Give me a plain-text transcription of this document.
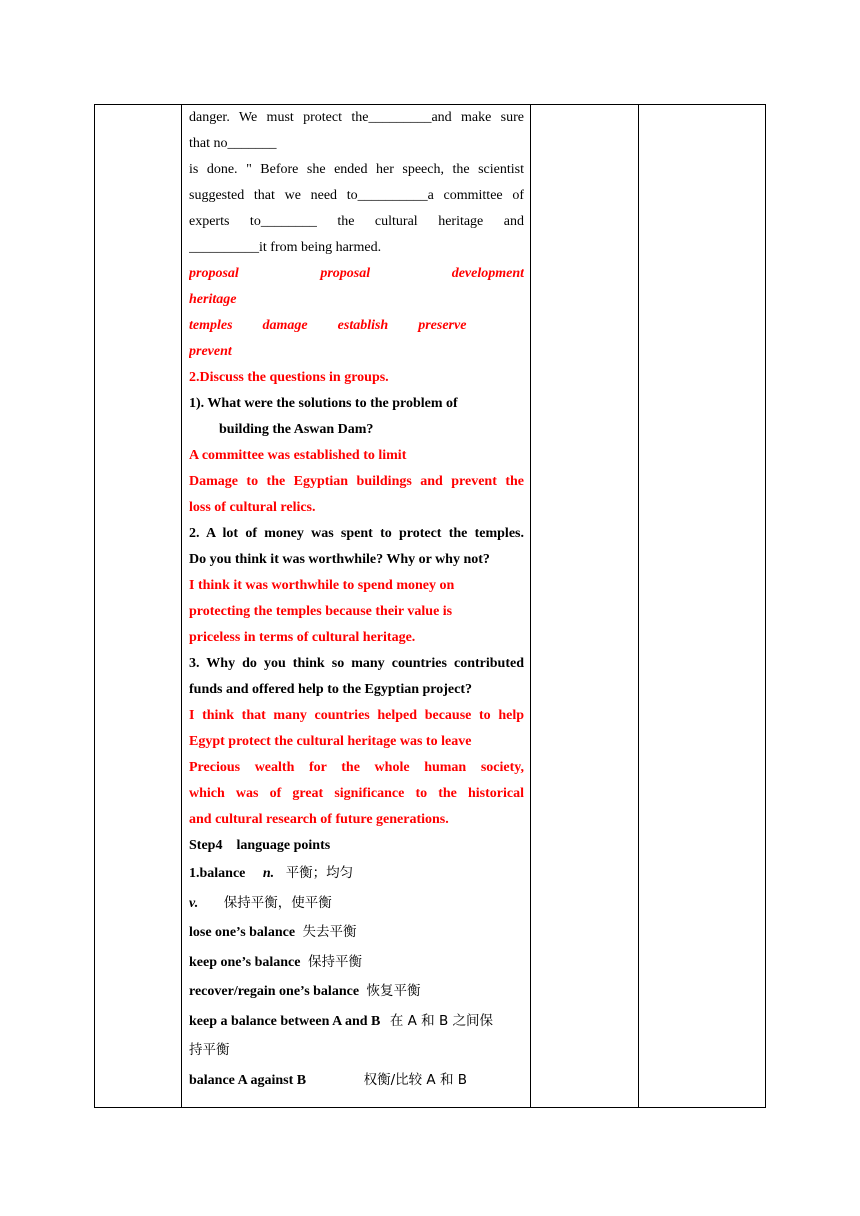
danger. We must protect the_________and make sure
that no_______
is done. " Before she ended her speech, the scientist
suggested that we need to__________a committee of
experts to________ the cultural heritage and
__________it from being harmed.
proposal	proposal	development
heritage
temples damage establish preserve
prevent
2.Discuss the questions in groups.
1). What were the solutions to the problem of
building the Aswan Dam?
A committee was established to limit
Damage to the Egyptian buildings and prevent the
loss of cultural relics.
2. A lot of money was spent to protect the temples.
Do you think it was worthwhile? Why or why not?
I think it was worthwhile to spend money on
protecting the temples because their value is
priceless in terms of cultural heritage.
3. Why do you think so many countries contributed
funds and offered help to the Egyptian project?
I think that many countries helped because to help
Egypt protect the cultural heritage was to leave
Precious wealth for the whole human society,
which was of great significance to the historical
and cultural research of future generations.
Step4　language points
1.balance n. 平衡；均匀
v. 保持平衡，使平衡
lose one’s balance 失去平衡
keep one’s balance 保持平衡
recover/regain one’s balance 恢复平衡
keep a balance between A and B 在 A 和 B 之间保
持平衡
balance A against B	权衡/比较 A 和 B
